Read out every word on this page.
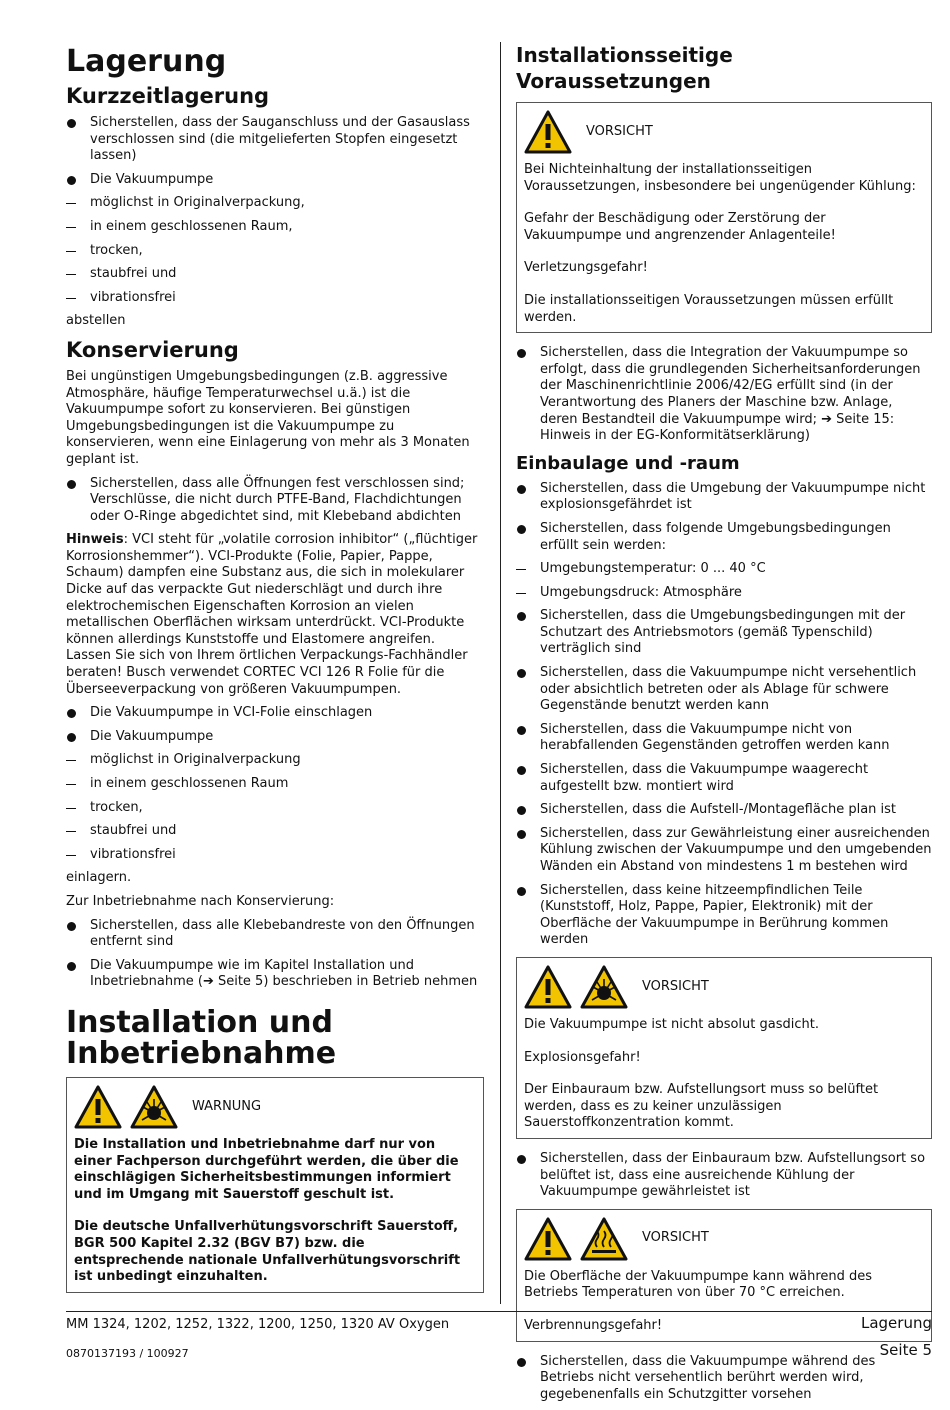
Lagerung
Kurzzeitlagerung
Sicherstellen, dass der Sauganschluss und der Gasauslass verschlossen sind (die mitgelieferten Stopfen eingesetzt lassen)
Die Vakuumpumpe
möglichst in Originalverpackung,
in einem geschlossenen Raum,
trocken,
staubfrei und
vibrationsfrei

abstellen

Konservierung

Bei ungünstigen Umgebungsbedingungen (z.B. aggressive Atmosphäre, häufige Temperaturwechsel u.ä.) ist die Vakuumpumpe sofort zu konservieren. Bei günstigen Umgebungsbedingungen ist die Vakuumpumpe zu konservieren, wenn eine Einlagerung von mehr als 3 Monaten geplant ist.

Sicherstellen, dass alle Öffnungen fest verschlossen sind; Verschlüsse, die nicht durch PTFE-Band, Flachdichtungen oder O-Ringe abgedichtet sind, mit Klebeband abdichten

Hinweis: VCI steht für „volatile corrosion inhibitor“ („flüchtiger Korrosionshemmer“). VCI-Produkte (Folie, Papier, Pappe, Schaum) dampfen eine Substanz aus, die sich in molekularer Dicke auf das verpackte Gut niederschlägt und durch ihre elektrochemischen Eigenschaften Korrosion an vielen metallischen Oberflächen wirksam unterdrückt. VCI-Produkte können allerdings Kunststoffe und Elastomere angreifen. Lassen Sie sich von Ihrem örtlichen Verpackungs-Fachhändler beraten! Busch verwendet CORTEC VCI 126 R Folie für die Überseeverpackung von größeren Vakuumpumpen.

Die Vakuumpumpe in VCI-Folie einschlagen
Die Vakuumpumpe
möglichst in Originalverpackung
in einem geschlossenen Raum
trocken,
staubfrei und
vibrationsfrei

einlagern.

Zur Inbetriebnahme nach Konservierung:

Sicherstellen, dass alle Klebebandreste von den Öffnungen entfernt sind
Die Vakuumpumpe wie im Kapitel Installation und Inbetriebnahme (➔ Seite 5) beschrieben in Betrieb nehmen
Installation und
Inbetriebnahme
WARNUNG

Die Installation und Inbetriebnahme darf nur von einer Fachperson durchgeführt werden, die über die einschlägigen Sicherheitsbestimmungen informiert und im Umgang mit Sauerstoff geschult ist.

Die deutsche Unfallverhütungsvorschrift Sauerstoff, BGR 500 Kapitel 2.32 (BGV B7) bzw. die entsprechende nationale Unfallverhütungsvorschrift ist unbedingt einzuhalten.

Installationsseitige Voraussetzungen
VORSICHT

Bei Nichteinhaltung der installationsseitigen Voraussetzungen, insbesondere bei ungenügender Kühlung:

Gefahr der Beschädigung oder Zerstörung der Vakuumpumpe und angrenzender Anlagenteile!

Verletzungsgefahr!

Die installationsseitigen Voraussetzungen müssen erfüllt werden.

Sicherstellen, dass die Integration der Vakuumpumpe so erfolgt, dass die grundlegenden Sicherheitsanforderungen der Maschinenrichtlinie 2006/42/EG erfüllt sind (in der Verantwortung des Planers der Maschine bzw. Anlage, deren Bestandteil die Vakuumpumpe wird; ➔ Seite 15: Hinweis in der EG-Konformitätserklärung)
Einbaulage und -raum
Sicherstellen, dass die Umgebung der Vakuumpumpe nicht explosionsgefährdet ist
Sicherstellen, dass folgende Umgebungsbedingungen erfüllt sein werden:
Umgebungstemperatur: 0 ... 40 °C
Umgebungsdruck: Atmosphäre
Sicherstellen, dass die Umgebungsbedingungen mit der Schutzart des Antriebsmotors (gemäß Typenschild) verträglich sind
Sicherstellen, dass die Vakuumpumpe nicht versehentlich oder absichtlich betreten oder als Ablage für schwere Gegenstände benutzt werden kann
Sicherstellen, dass die Vakuumpumpe nicht von herabfallenden Gegenständen getroffen werden kann
Sicherstellen, dass die Vakuumpumpe waagerecht aufgestellt bzw. montiert wird
Sicherstellen, dass die Aufstell-/Montagefläche plan ist
Sicherstellen, dass zur Gewährleistung einer ausreichenden Kühlung zwischen der Vakuumpumpe und den umgebenden Wänden ein Abstand von mindestens 1 m bestehen wird
Sicherstellen, dass keine hitzeempfindlichen Teile (Kunststoff, Holz, Pappe, Papier, Elektronik) mit der Oberfläche der Vakuumpumpe in Berührung kommen werden
VORSICHT

Die Vakuumpumpe ist nicht absolut gasdicht.

Explosionsgefahr!

Der Einbauraum bzw. Aufstellungsort muss so belüftet werden, dass es zu keiner unzulässigen Sauerstoffkonzentration kommt.

Sicherstellen, dass der Einbauraum bzw. Aufstellungsort so belüftet ist, dass eine ausreichende Kühlung der Vakuumpumpe gewährleistet ist
VORSICHT

Die Oberfläche der Vakuumpumpe kann während des Betriebs Temperaturen von über 70 °C erreichen.

Verbrennungsgefahr!

Sicherstellen, dass die Vakuumpumpe während des Betriebs nicht versehentlich berührt werden wird, gegebenenfalls ein Schutzgitter vorsehen
MM 1324, 1202, 1252, 1322, 1200, 1250, 1320 AV Oxygen
0870137193 / 100927
Lagerung
Seite 5
